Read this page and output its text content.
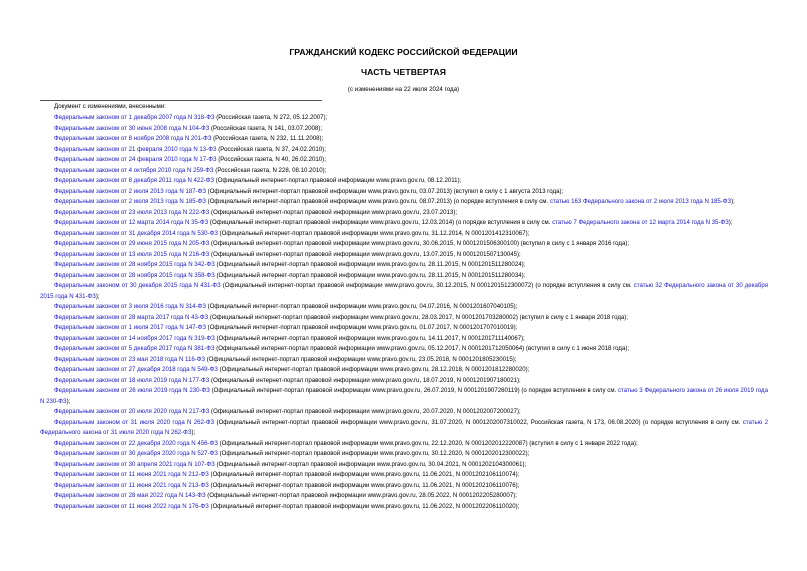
ГРАЖДАНСКИЙ КОДЕКС РОССИЙСКОЙ ФЕДЕРАЦИИ
ЧАСТЬ ЧЕТВЕРТАЯ

(с изменениями на 22 июля 2024 года)

Документ с изменениями, внесенными:
Федеральным законом от 1 декабря 2007 года N 318-ФЗ (Российская газета, N 272, 05.12.2007);
Федеральным законом от 30 июня 2008 года N 104-ФЗ (Российская газета, N 141, 03.07.2008);
Федеральным законом от 8 ноября 2008 года N 201-ФЗ (Российская газета, N 232, 11.11.2008);
Федеральным законом от 21 февраля 2010 года N 13-ФЗ (Российская газета, N 37, 24.02.2010);
Федеральным законом от 24 февраля 2010 года N 17-ФЗ (Российская газета, N 40, 26.02.2010);
Федеральным законом от 4 октября 2010 года N 259-ФЗ (Российская газета, N 228, 08.10.2010);
Федеральным законом от 8 декабря 2011 года N 422-ФЗ (Официальный интернет-портал правовой информации www.pravo.gov.ru, 08.12.2011);
Федеральным законом от 2 июля 2013 года N 187-ФЗ (Официальный интернет-портал правовой информации www.pravo.gov.ru, 03.07.2013) (вступил в силу с 1 августа 2013 года);
Федеральным законом от 2 июля 2013 года N 185-ФЗ (Официальный интернет-портал правовой информации www.pravo.gov.ru, 08.07.2013) (о порядке вступления в силу см. статью 163 Федерального закона от 2 июля 2013 года N 185-ФЗ);
Федеральным законом от 23 июля 2013 года N 222-ФЗ (Официальный интернет-портал правовой информации www.pravo.gov.ru, 23.07.2013);
Федеральным законом от 12 марта 2014 года N 35-ФЗ (Официальный интернет-портал правовой информации www.pravo.gov.ru, 12.03.2014) (о порядке вступления в силу см. статью 7 Федерального закона от 12 марта 2014 года N 35-ФЗ);
Федеральным законом от 31 декабря 2014 года N 530-ФЗ (Официальный интернет-портал правовой информации www.pravo.gov.ru, 31.12.2014, N 0001201412310067);
Федеральным законом от 29 июня 2015 года N 205-ФЗ (Официальный интернет-портал правовой информации www.pravo.gov.ru, 30.06.2015, N 0001201506300100) (вступил в силу с 1 января 2016 года);
Федеральным законом от 13 июля 2015 года N 216-ФЗ (Официальный интернет-портал правовой информации www.pravo.gov.ru, 13.07.2015, N 0001201507130045);
Федеральным законом от 28 ноября 2015 года N 342-ФЗ (Официальный интернет-портал правовой информации www.pravo.gov.ru, 28.11.2015, N 0001201511280024);
Федеральным законом от 28 ноября 2015 года N 358-ФЗ (Официальный интернет-портал правовой информации www.pravo.gov.ru, 28.11.2015, N 0001201511280034);
Федеральным законом от 30 декабря 2015 года N 431-ФЗ (Официальный интернет-портал правовой информации www.pravo.gov.ru, 30.12.2015, N 0001201512300072) (о порядке вступления в силу см. статью 32 Федерального закона от 30 декабря 2015 года N 431-ФЗ);
Федеральным законом от 3 июля 2016 года N 314-ФЗ (Официальный интернет-портал правовой информации www.pravo.gov.ru, 04.07.2016, N 0001201607040105);
Федеральным законом от 28 марта 2017 года N 43-ФЗ (Официальный интернет-портал правовой информации www.pravo.gov.ru, 28.03.2017, N 0001201703280002) (вступил в силу с 1 января 2018 года);
Федеральным законом от 1 июля 2017 года N 147-ФЗ (Официальный интернет-портал правовой информации www.pravo.gov.ru, 01.07.2017, N 0001201707010019);
Федеральным законом от 14 ноября 2017 года N 319-ФЗ (Официальный интернет-портал правовой информации www.pravo.gov.ru, 14.11.2017, N 0001201711140067);
Федеральным законом от 5 декабря 2017 года N 381-ФЗ (Официальный интернет-портал правовой информации www.pravo.gov.ru, 05.12.2017, N 0001201712050064) (вступил в силу с 1 июня 2018 года);
Федеральным законом от 23 мая 2018 года N 116-ФЗ (Официальный интернет-портал правовой информации www.pravo.gov.ru, 23.05.2018, N 0001201805230015);
Федеральным законом от 27 декабря 2018 года N 549-ФЗ (Официальный интернет-портал правовой информации www.pravo.gov.ru, 28.12.2018, N 0001201812280020);
Федеральным законом от 18 июля 2019 года N 177-ФЗ (Официальный интернет-портал правовой информации www.pravo.gov.ru, 18.07.2019, N 0001201907180021);
Федеральным законом от 26 июля 2019 года N 230-ФЗ (Официальный интернет-портал правовой информации www.pravo.gov.ru, 26.07.2019, N 0001201907260119) (о порядке вступления в силу см. статью 3 Федерального закона от 26 июля 2019 года N 230-ФЗ);
Федеральным законом от 20 июля 2020 года N 217-ФЗ (Официальный интернет-портал правовой информации www.pravo.gov.ru, 20.07.2020, N 0001202007200027);
Федеральным законом от 31 июля 2020 года N 262-ФЗ (Официальный интернет-портал правовой информации www.pravo.gov.ru, 31.07.2020, N 0001202007310022, Российская газета, N 173, 06.08.2020) (о порядке вступления в силу см. статью 2 Федерального закона от 31 июля 2020 года N 262-ФЗ);
Федеральным законом от 22 декабря 2020 года N 456-ФЗ (Официальный интернет-портал правовой информации www.pravo.gov.ru, 22.12.2020, N 0001202012220087) (вступил в силу с 1 января 2022 года);
Федеральным законом от 30 декабря 2020 года N 527-ФЗ (Официальный интернет-портал правовой информации www.pravo.gov.ru, 30.12.2020, N 0001202012300022);
Федеральным законом от 30 апреля 2021 года N 107-ФЗ (Официальный интернет-портал правовой информации www.pravo.gov.ru, 30.04.2021, N 0001202104300061);
Федеральным законом от 11 июня 2021 года N 212-ФЗ (Официальный интернет-портал правовой информации www.pravo.gov.ru, 11.06.2021, N 0001202106110074);
Федеральным законом от 11 июня 2021 года N 213-ФЗ (Официальный интернет-портал правовой информации www.pravo.gov.ru, 11.06.2021, N 0001202106110076);
Федеральным законом от 28 мая 2022 года N 143-ФЗ (Официальный интернет-портал правовой информации www.pravo.gov.ru, 28.05.2022, N 0001202205280007);
Федеральным законом от 11 июня 2022 года N 176-ФЗ (Официальный интернет-портал правовой информации www.pravo.gov.ru, 11.06.2022, N 0001202206110020);
